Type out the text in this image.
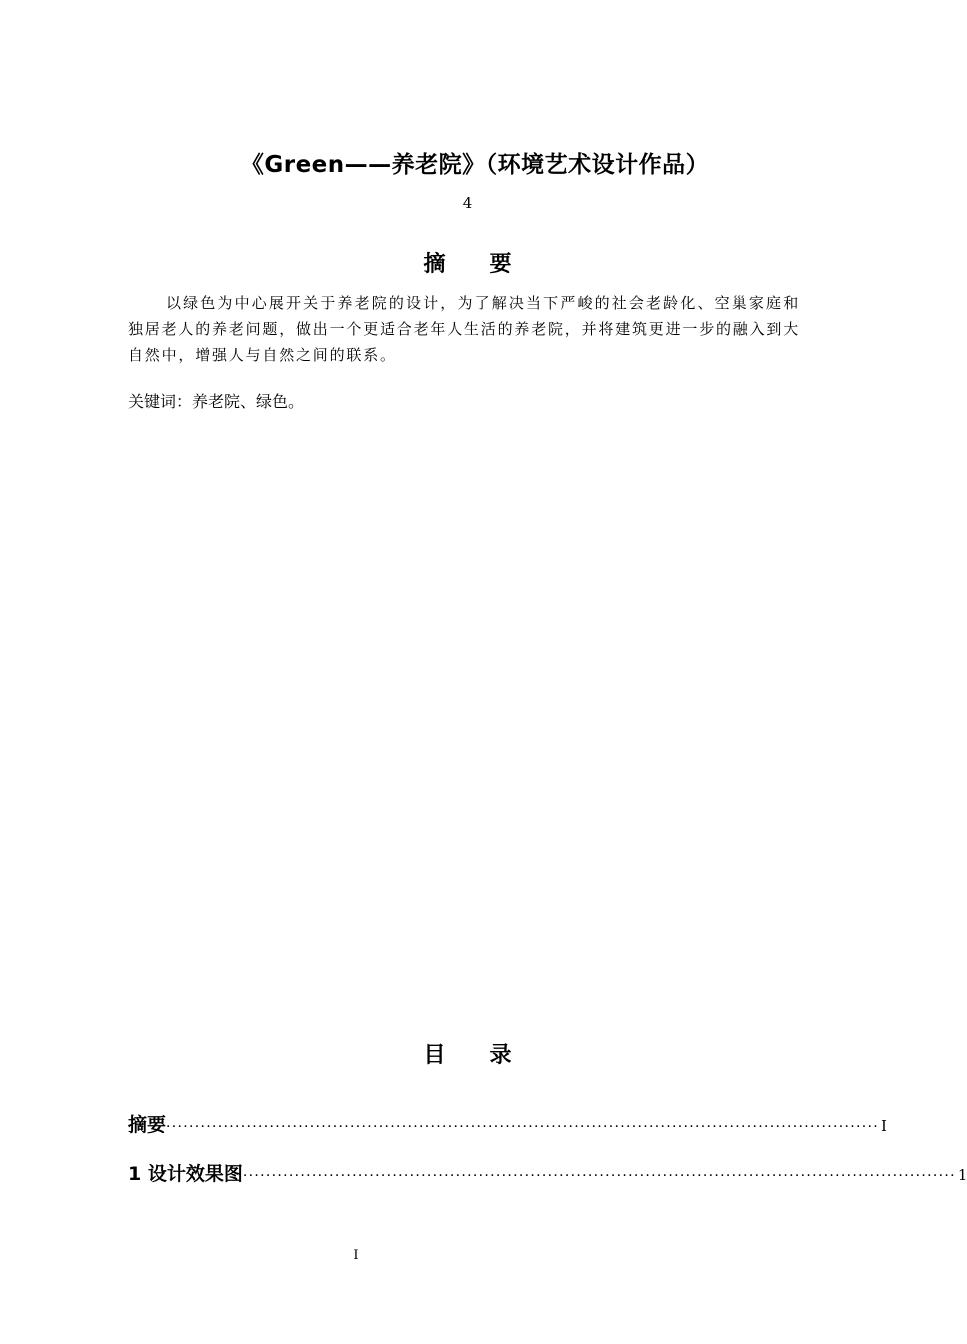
《Green——养老院》（环境艺术设计作品）
4
摘 要
以绿色为中心展开关于养老院的设计，为了解决当下严峻的社会老龄化、空巢家庭和独居老人的养老问题，做出一个更适合老年人生活的养老院，并将建筑更进一步的融入到大自然中，增强人与自然之间的联系。
关键词：养老院、绿色。
目 录
摘要 ···························································································································· I
1 设计效果图 ···························································································································· 1
I
